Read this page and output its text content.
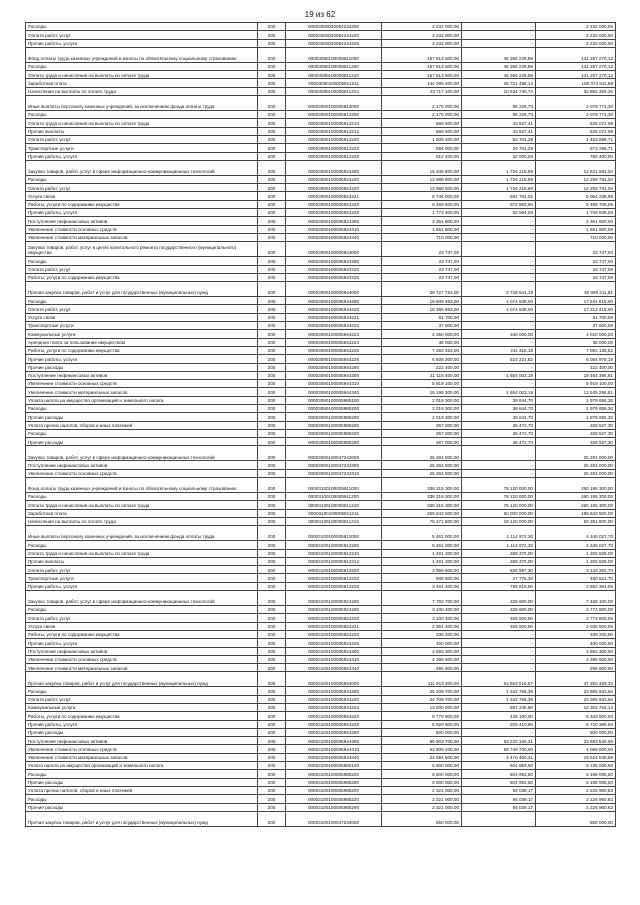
19 из 62
Расходы	200	00003080030054244200	2 232 000,00	-	2 232 000,00
Оплата работ, услуг	200	00003080030054244220	2 232 000,00	-	2 232 000,00
Прочие работы, услуги	200	00003080030054244226	2 232 000,00	-	2 232 000,00
Фонд оплаты труда казенных учреждений и взносы по обязательному социальному страхованию	200	00003090100005911000	187 813 500,00	46 356 229,88	141 257 270,12
Расходы	200	00003090100005911200	187 813 500,00	46 356 229,88	141 257 270,12
Оплата труда и начисления на выплаты по оплате труда	200	00003090100005911210	187 813 500,00	46 356 229,88	141 257 270,12
Заработная плата	200	00003090100005911211	144 096 400,00	35 721 488,14	108 374 911,86
Начисления на выплаты по оплате труда	200	00003090100005911213	43 717 100,00	10 634 740,74	32 882 359,26
Иные выплаты персоналу казенных учреждений, за исключением фонда оплаты труда	200	00003090100005912000	2 175 000,00	96 228,70	2 078 771,30
Расходы	200	00003090100005912200	2 175 000,00	96 228,70	2 078 771,30
Оплата труда и начисления на выплаты по оплате труда	200	00003090100005912210	668 600,00	43 527,41	625 072,59
Прочие выплаты	200	00003090100005912212	668 600,00	43 527,41	625 072,59
Оплата работ, услуг	200	00003090100005912220	1 506 400,00	52 701,29	1 453 698,71
Транспортные услуги	200	00003090100005912222	694 000,00	20 701,29	673 298,71
Прочие работы, услуги	200	00003090100005912226	812 400,00	32 000,00	780 400,00
Закупка товаров, работ, услуг в сфере информационно-коммуникационных технологий	200	00003090100005924200	16 348 800,00	1 726 218,96	14 621 581,04
Расходы	200	00003090100005924220	13 988 000,00	1 726 218,96	12 259 781,04
Оплата работ, услуг	200	00003090100005924220	13 988 000,00	1 726 218,96	12 259 781,04
Услуги связи	200	00003090100005924221	5 746 000,00	681 761,02	5 064 238,98
Работы, услуги по содержанию имущества	200	00003090100005924225	6 469 600,00	972 893,94	5 496 706,06
Прочие работы, услуги	200	00003090100005924226	1 772 400,00	63 564,00	1 708 836,00
Поступление нефинансовых активов	200	00003090100005924300	2 361 800,00	-	2 361 800,00
Увеличение стоимости основных средств	200	00003090100005924310	1 651 800,00	-	1 651 800,00
Увеличение стоимости материальных запасов	200	00003090100005924340	710 000,00	-	710 000,00
Закупка товаров, работ, услуг в целях капитального ремонта государственного (муниципального) имущества	200	00003090100005943000	23 747,00	-	23 747,00
Расходы	200	00003090100005943200	23 747,00	-	23 747,00
Оплата работ, услуг	200	00003090100005943220	23 747,00	-	23 747,00
Работы, услуги по содержанию имущества	200	00003090100005943225	23 747,00	-	23 747,00
Прочая закупка товаров, работ и услуг для государственных (муниципальных) нужд	200	00003090100005944000	39 727 753,00	2 728 541,19	36 999 211,81
Расходы	200	00003090100005944200	18 609 353,00	1 074 538,00	17 534 815,00
Оплата работ, услуг	200	00003090100005944220	18 386 953,00	1 074 538,00	17 312 415,00
Услуги связи	200	00003090100005944221	61 700,00	-	61 700,00
Транспортные услуги	200	00003090100005944222	37 600,00	-	37 600,00
Коммунальные услуги	200	00003090100005944223	4 350 000,00	340 000,00	4 010 000,00
Арендная плата за пользование имуществом	200	00003090100005944224	36 000,00	-	36 000,00
Работы, услуги по содержанию имущества	200	00003090100005944225	7 293 453,00	211 316,18	7 082 136,82
Прочие работы, услуги	200	00003090100005944226	6 608 200,00	523 221,82	6 084 978,18
Прочие расходы	200	00003090100005944290	222 400,00	-	222 400,00
Поступление нефинансовых активов	200	00003090100005944300	21 118 400,00	1 654 003,19	19 464 396,81
Увеличение стоимости основных средств	200	00003090100005944310	5 919 100,00	-	5 919 100,00
Увеличение стоимости материальных запасов	200	00003090100005944340	15 199 300,00	1 654 003,19	13 545 296,81
Уплата налога на имущество организаций и земельного налога	200	00003090100005985100	2 019 300,00	39 644,70	1 979 655,30
Расходы	200	00003090100005985200	2 019 300,00	39 644,70	1 979 655,30
Прочие расходы	200	00003090100005985290	2 019 300,00	39 644,70	1 979 655,30
Уплата прочих налогов, сборов и иных платежей	200	00003090100005985200	367 000,00	38 472,70	328 527,30
Расходы	200	00003090100005985220	367 000,00	38 472,70	328 527,30
Прочие расходы	200	00003090100005985290	367 000,00	38 472,70	328 527,30
Закупка товаров, работ, услуг в сфере информационно-коммуникационных технологий	200	00003090100047242000	25 284 000,00	-	25 284 000,00
Поступление нефинансовых активов	200	00003090100047242300	25 284 000,00	-	25 284 000,00
Увеличение стоимости основных средств	200	00003090100047242310	25 284 000,00	-	25 284 000,00
Фонд оплаты труда казенных учреждений и взносы по обязательному социальному страхованию	200	00003100100005911000	338 315 300,00	78 120 000,00	260 195 300,00
Расходы	200	00003100100005911200	338 315 300,00	78 120 000,00	260 195 300,00
Оплата труда и начисления на выплаты по оплате труда	200	00003100100005911210	338 315 300,00	78 120 000,00	260 195 300,00
Заработная плата	200	00003100100005911211	259 843 500,00	60 000 000,00	199 843 500,00
Начисления на выплаты по оплате труда	200	00003100100005911213	78 471 800,00	18 120 000,00	60 351 800,00
Иные выплаты персоналу казенных учреждений, за исключением фонда оплаты труда	200	00003100100005912000	5 461 000,00	1 114 972,30	4 346 027,70
Расходы	200	00003100100005912200	5 461 000,00	1 114 972,30	4 346 027,70
Оплата труда и начисления на выплаты по оплате труда	200	00003100100005912210	1 491 200,00	288 375,00	1 202 825,00
Прочие выплаты	200	00003100100005912212	1 491 200,00	288 375,00	1 202 825,00
Оплата работ, услуг	200	00003100100005912220	3 969 800,00	826 597,30	3 143 202,70
Транспортные услуги	200	00003100100005912222	508 600,00	27 778,30	480 821,70
Прочие работы, услуги	200	00003100100005912226	3 461 200,00	798 819,00	2 662 381,00
Закупка товаров, работ, услуг в сфере информационно-коммуникационных технологий	200	00003100100005924200	7 793 700,00	325 600,00	7 468 100,00
Расходы	200	00003100100005924200	3 100 400,00	325 600,00	2 774 800,00
Оплата работ, услуг	200	00003100100005924220	3 100 400,00	325 600,00	2 774 800,00
Услуги связи	200	00003100100005924221	2 361 200,00	325 600,00	2 035 600,00
Работы, услуги по содержанию имущества	200	00003100100005924225	339 200,00	-	339 200,00
Прочие работы, услуги	200	00003100100005924226	400 000,00	-	400 000,00
Поступление нефинансовых активов	200	00003100100005924300	4 693 300,00	-	4 693 300,00
Увеличение стоимости основных средств	200	00003100100005924310	4 396 500,00	-	4 396 500,00
Увеличение стоимости материальных запасов	200	00003100100005924340	296 800,00	-	296 800,00
Прочая закупка товаров, работ и услуг для государственных (муниципальных) нужд	200	00003100100005944000	111 913 400,00	64 563 016,67	47 350 483,33
Расходы	200	00003100100005944200	25 209 700,00	1 342 756,36	23 866 943,64
Оплата работ, услуг	200	00003100100005944220	24 709 700,00	1 342 756,36	23 366 943,64
Коммунальные услуги	200	00003100100005944223	13 000 000,00	697 245,86	12 302 754,14
Работы, услуги по содержанию имущества	200	00003100100005944225	5 779 900,00	436 100,00	5 343 800,00
Прочие работы, услуги	200	00003100100005944226	5 929 800,00	209 410,50	5 720 389,50
Прочие расходы	200	00003100100005944290	500 000,00	-	500 000,00
Поступление нефинансовых активов	200	00003100100005944300	86 903 700,00	63 220 160,31	23 683 539,69
Увеличение стоимости основных средств	200	00003100100005944310	62 809 200,00	58 749 700,00	4 059 500,00
Увеличение стоимости материальных запасов	200	00003100100005944340	24 094 500,00	4 470 460,31	19 624 039,69
Уплата налога на имущество организаций и земельного налога	200	00003100100005985100	6 800 000,00	604 993,50	6 195 006,50
Расходы	200	00003100100005985200	6 800 000,00	604 993,50	6 195 006,50
Прочие расходы	200	00003100100005985290	6 800 000,00	604 993,50	6 195 006,50
Уплата прочих налогов, сборов и иных платежей	200	00003100100005985200	2 321 000,00	94 039,17	2 226 960,83
Расходы	200	00003100100005985220	2 321 000,00	94 039,17	2 226 960,83
Прочие расходы	200	00003100100005985290	2 321 000,00	94 039,17	2 226 960,83
Прочая закупка товаров, работ и услуг для государственных (муниципальных) нужд	200	00003100100047244000	850 000,00	-	850 000,00
